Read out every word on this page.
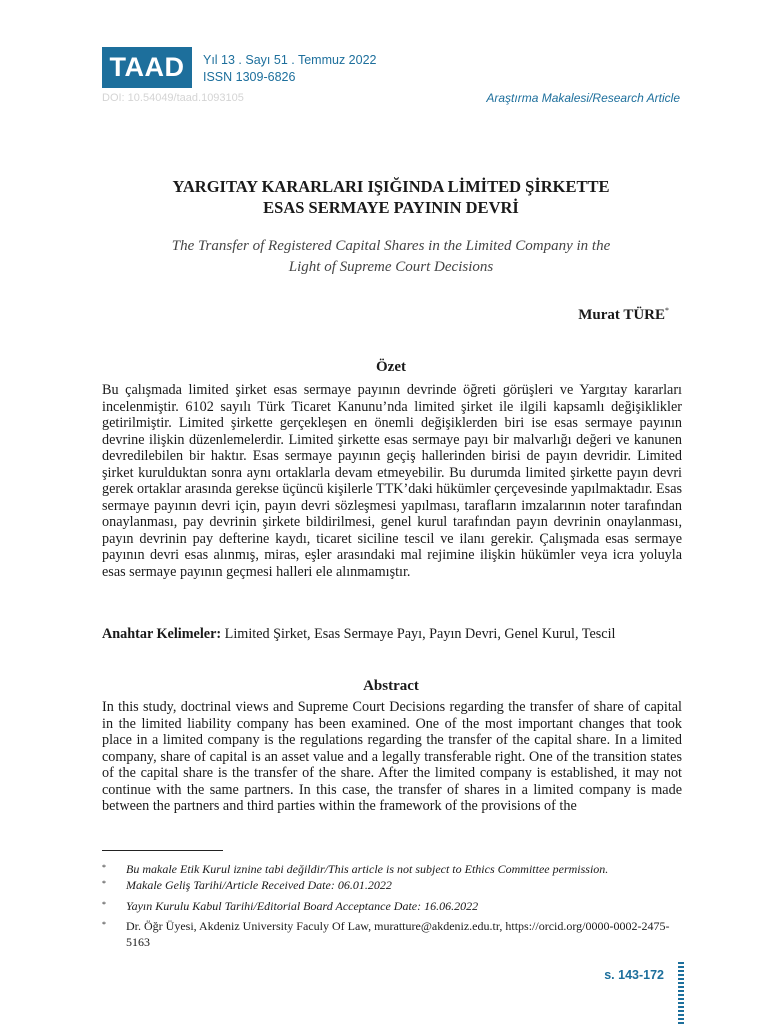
TAAD	Yıl 13 . Sayı 51 . Temmuz 2022
ISSN 1309-6826
DOI: 10.54049/taad.1093105	Araştırma Makalesi/Research Article
YARGITAY KARARLARI IŞIĞINDA LİMİTED ŞİRKETTE
ESAS SERMAYE PAYININ DEVRİ
The Transfer of Registered Capital Shares in the Limited Company in the
Light of Supreme Court Decisions
Murat TÜRE*
Özet
Bu çalışmada limited şirket esas sermaye payının devrinde öğreti görüşleri ve Yargıtay kararları incelenmiştir. 6102 sayılı Türk Ticaret Kanunu’nda limited şirket ile ilgili kapsamlı değişiklikler getirilmiştir. Limited şirkette gerçekleşen en önemli değişiklerden biri ise esas sermaye payının devrine ilişkin düzenlemelerdir. Limited şirkette esas sermaye payı bir malvarlığı değeri ve kanunen devredilebilen bir haktır. Esas sermaye payının geçiş hallerinden birisi de payın devridir. Limited şirket kurulduktan sonra aynı ortaklarla devam etmeyebilir. Bu durumda limited şirkette payın devri gerek ortaklar arasında gerekse üçüncü kişilerle TTK’daki hükümler çerçevesinde yapılmaktadır. Esas sermaye payının devri için, payın devri sözleşmesi yapılması, tarafların imzalarının noter tarafından onaylanması, pay devrinin şirkete bildirilmesi, genel kurul tarafından payın devrinin onaylanması, payın devrinin pay defterine kaydı, ticaret siciline tescil ve ilanı gerekir. Çalışmada esas sermaye payının devri esas alınmış, miras, eşler arasındaki mal rejimine ilişkin hükümler veya icra yoluyla esas sermaye payının geçmesi halleri ele alınmamıştır.
Anahtar Kelimeler: Limited Şirket, Esas Sermaye Payı, Payın Devri, Genel Kurul, Tescil
Abstract
In this study, doctrinal views and Supreme Court Decisions regarding the transfer of share of capital in the limited liability company has been examined. One of the most important changes that took place in a limited company is the regulations regarding the transfer of the capital share. In a limited company, share of capital is an asset value and a legally transferable right. One of the transition states of the capital share is the transfer of the share. After the limited company is established, it may not continue with the same partners. In this case, the transfer of shares in a limited company is made between the partners and third parties within the framework of the provisions of the
* Bu makale Etik Kurul iznine tabi değildir/This article is not subject to Ethics Committee permission.
* Makale Geliş Tarihi/Article Received Date: 06.01.2022
* Yayın Kurulu Kabul Tarihi/Editorial Board Acceptance Date: 16.06.2022
* Dr. Öğr Üyesi, Akdeniz University Faculy Of Law, muratture@akdeniz.edu.tr, https://orcid.org/0000-0002-2475-5163
s. 143-172
